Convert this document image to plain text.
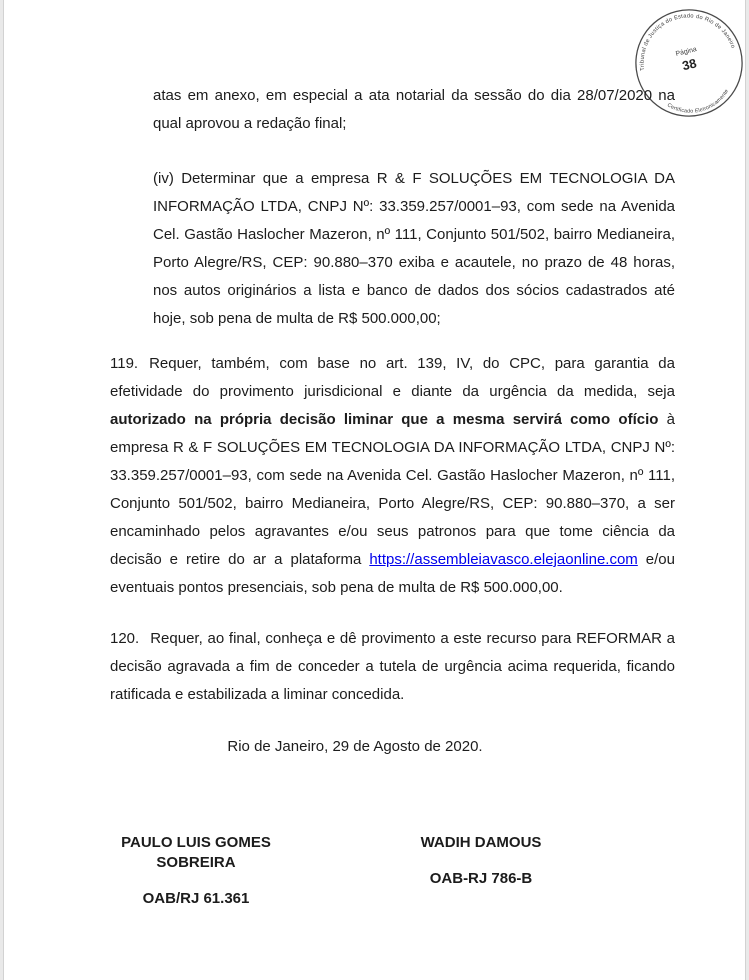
Tribunal de Justiça do Estado do Rio de Janeiro
Certificado Eletronicamente
Página
38
atas em anexo, em especial a ata notarial da sessão do dia 28/07/2020 na qual aprovou a redação final;
(iv) Determinar que a empresa R & F SOLUÇÕES EM TECNOLOGIA DA INFORMAÇÃO LTDA, CNPJ Nº: 33.359.257/0001–93, com sede na Avenida Cel. Gastão Haslocher Mazeron, nº 111, Conjunto 501/502, bairro Medianeira, Porto Alegre/RS, CEP: 90.880–370 exiba e acautele, no prazo de 48 horas, nos autos originários a lista e banco de dados dos sócios cadastrados até hoje, sob pena de multa de R$ 500.000,00;
119. Requer, também, com base no art. 139, IV, do CPC, para garantia da efetividade do provimento jurisdicional e diante da urgência da medida, seja autorizado na própria decisão liminar que a mesma servirá como ofício à empresa R & F SOLUÇÕES EM TECNOLOGIA DA INFORMAÇÃO LTDA, CNPJ Nº: 33.359.257/0001–93, com sede na Avenida Cel. Gastão Haslocher Mazeron, nº 111, Conjunto 501/502, bairro Medianeira, Porto Alegre/RS, CEP: 90.880–370, a ser encaminhado pelos agravantes e/ou seus patronos para que tome ciência da decisão e retire do ar a plataforma https://assembleiavasco.elejaonline.com e/ou eventuais pontos presenciais, sob pena de multa de R$ 500.000,00.
120. Requer, ao final, conheça e dê provimento a este recurso para REFORMAR a decisão agravada a fim de conceder a tutela de urgência acima requerida, ficando ratificada e estabilizada a liminar concedida.
Rio de Janeiro, 29 de Agosto de 2020.
PAULO LUIS GOMES SOBREIRA
OAB/RJ 61.361
WADIH DAMOUS
OAB-RJ 786-B
